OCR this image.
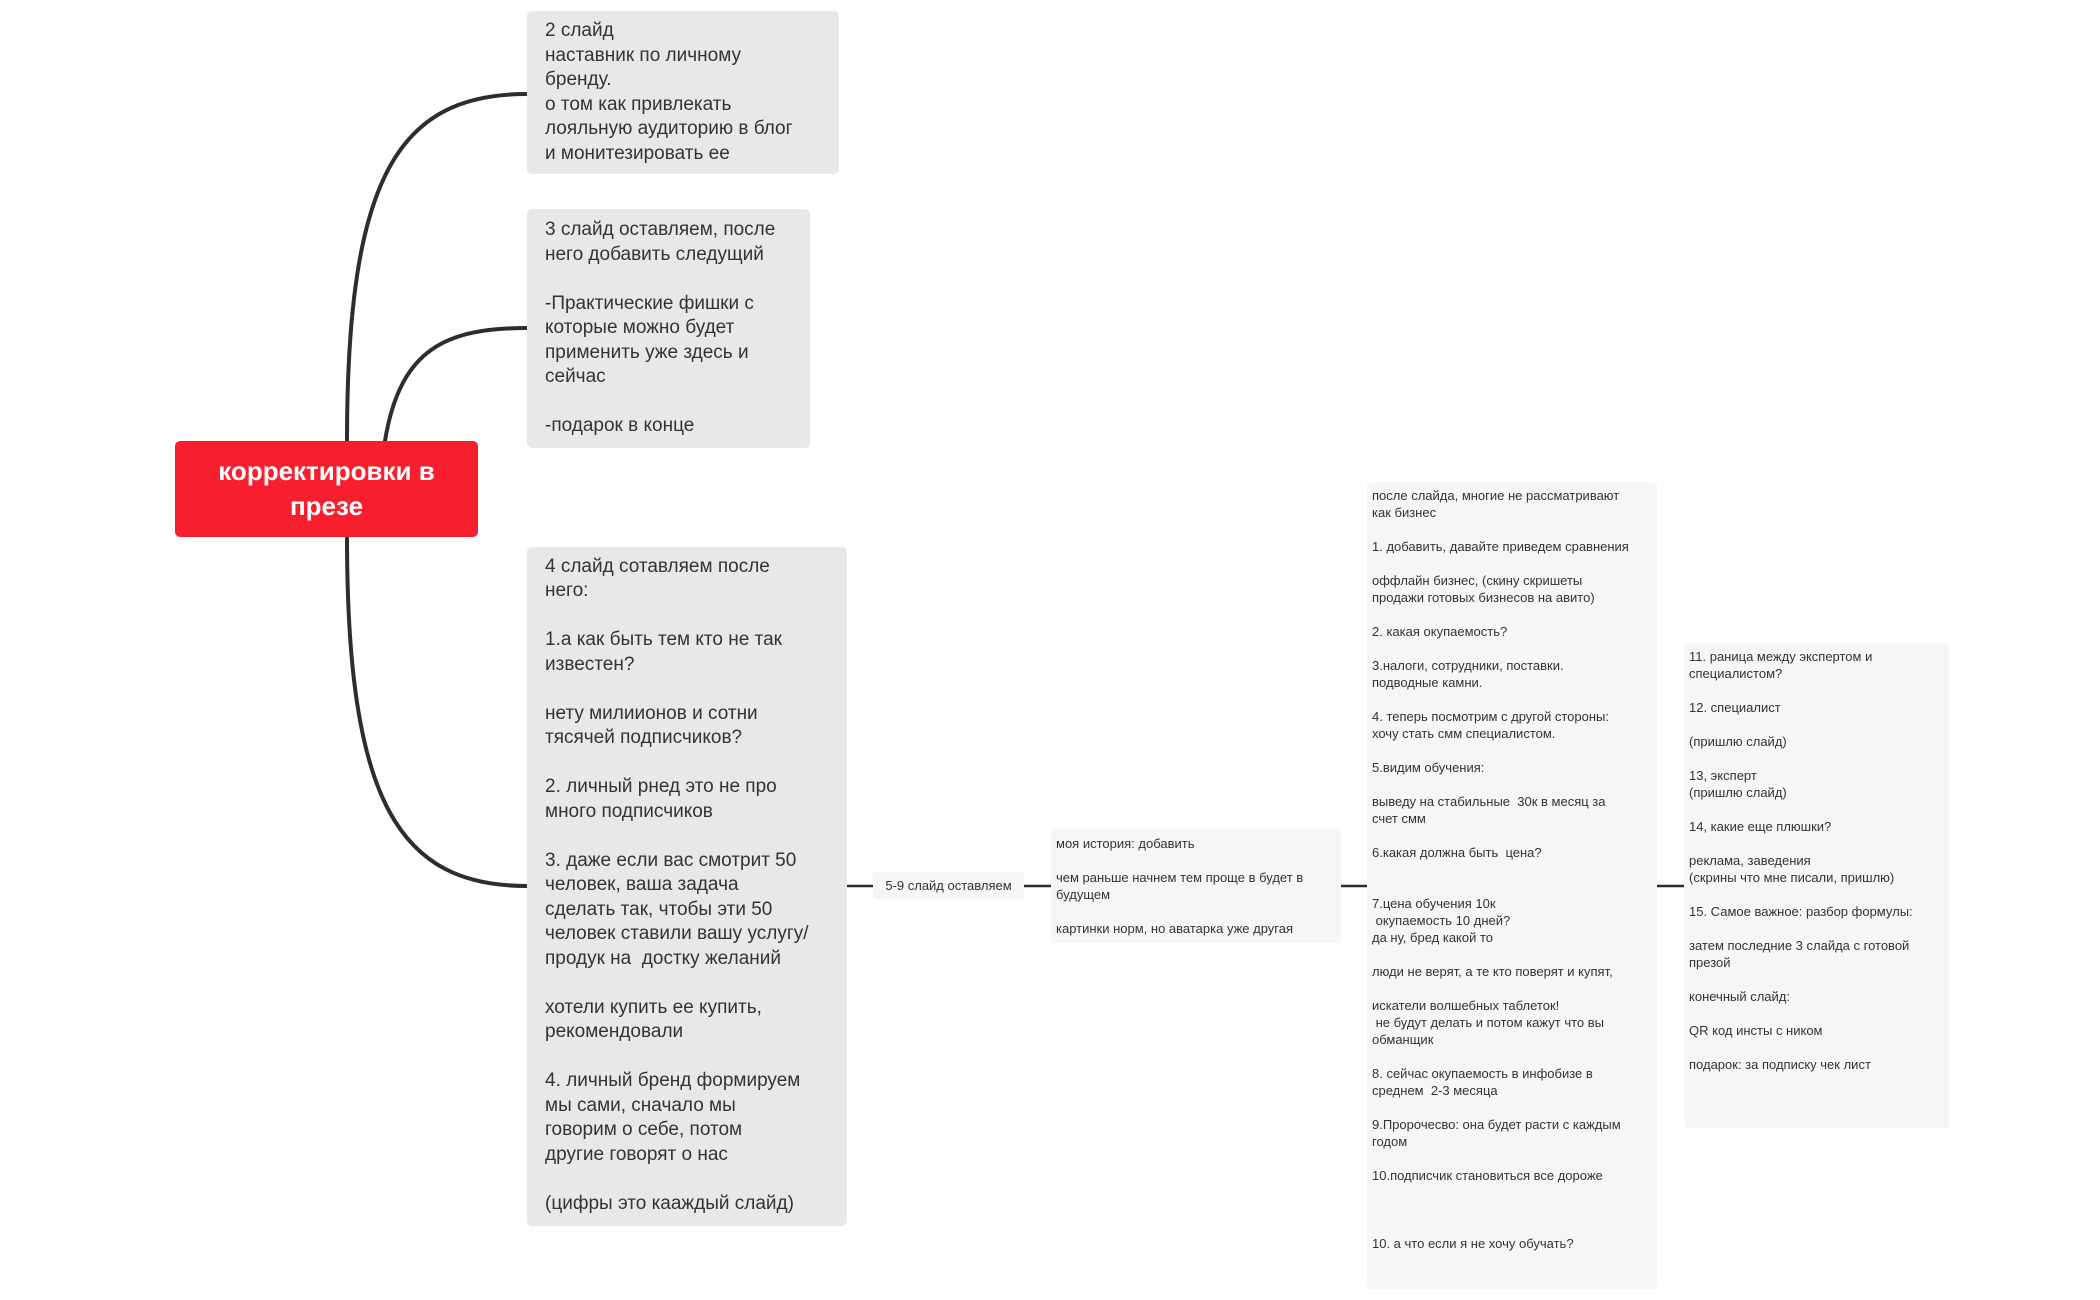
корректировки в
презе
2 слайд
наставник по личному
бренду.
о том как привлекать
лояльную аудиторию в блог
и монитезировать ее
3 слайд оставляем, после
него добавить следущий

-Практические фишки с
которые можно будет
применить уже здесь и
сейчас

-подарок в конце
4 слайд сотавляем после
него:

1.а как быть тем кто не так
известен?

нету милиионов и сотни
тясячей подписчиков?

2. личный рнед это не про
много подписчиков

3. даже если вас смотрит 50
человек, ваша задача
сделать так, чтобы эти 50
человек ставили вашу услугу/
продук на  достку желаний

хотели купить ее купить,
рекомендовали

4. личный бренд формируем
мы сами, сначало мы
говорим о себе, потом
другие говорят о нас

(цифры это кааждый слайд)
5-9 слайд оставляем
моя история: добавить

чем раньше начнем тем проще в будет в
будущем

картинки норм, но аватарка уже другая
после слайда, многие не рассматривают
как бизнес

1. добавить, давайте приведем сравнения

оффлайн бизнес, (скину скришеты
продажи готовых бизнесов на авито)

2. какая окупаемость?

3.налоги, сотрудники, поставки.
подводные камни.

4. теперь посмотрим с другой стороны:
хочу стать смм специалистом.

5.видим обучения:

выведу на стабильные  30к в месяц за
счет смм

6.какая должна быть  цена?

7.цена обучения 10к
окупаемость 10 дней?
да ну, бред какой то

люди не верят, а те кто поверят и купят,

искатели волшебных таблеток!
не будут делать и потом кажут что вы
обманщик

8. сейчас окупаемость в инфобизе в
среднем  2-3 месяца

9.Пророчесво: она будет расти с каждым
годом

10.подписчик становиться все дороже

10. а что если я не хочу обучать?
11. раница между экспертом и
специалистом?

12. специалист

(пришлю слайд)

13, эксперт
(пришлю слайд)

14, какие еще плюшки?

реклама, заведения
(скрины что мне писали, пришлю)

15. Самое важное: разбор формулы:

затем последние 3 слайда с готовой
презой

конечный слайд:

QR код инсты с ником

подарок: за подписку чек лист
